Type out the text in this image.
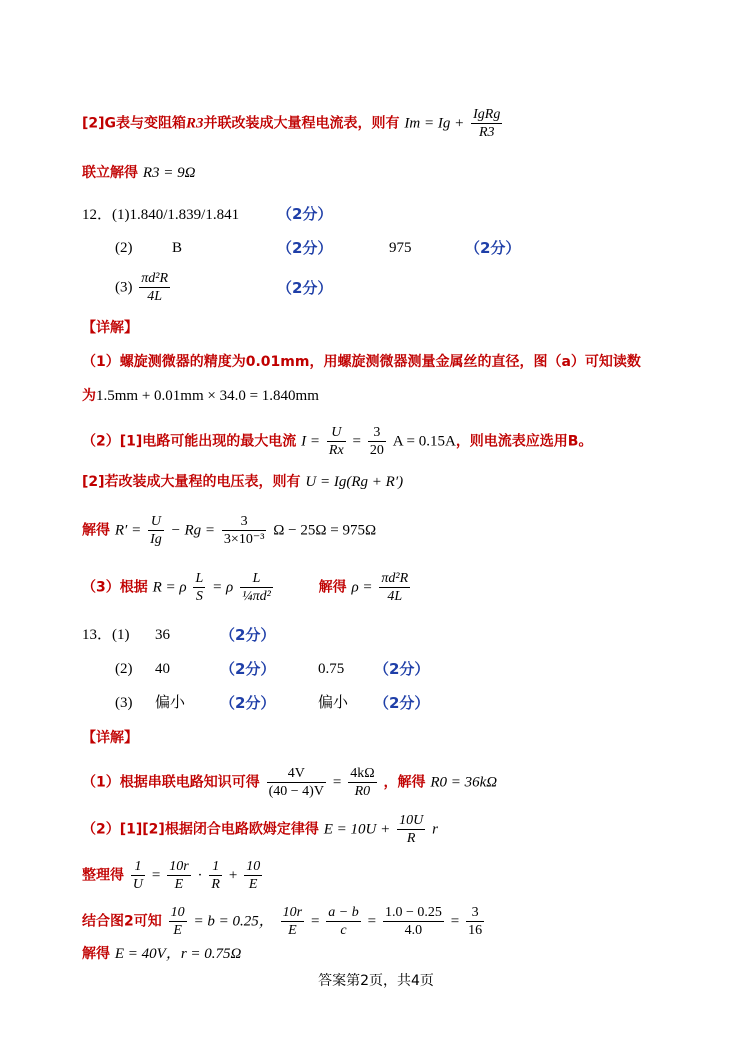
[2]G表与变阻箱R3并联改装成大量程电流表，则有 $Im = Ig + \frac{\text{IgRg}}{R3}$
联立解得 R3 = 9Ω
12．(1)1.840/1.839/1.841	（2分）
(2)	B	（2分）	975	（2分）
$(3) \frac{\text{πd²R}}{4L}$	（2分）
【详解】
（1）螺旋测微器的精度为0.01mm，用螺旋测微器测量金属丝的直径，图（a）可知读数
为1.5mm + 0.01mm × 34.0 = 1.840mm
（2）[1]电路可能出现的最大电流 $I = \frac{U}{Rx} = \frac{3}{20}$ A = 0.15A，则电流表应选用B。
[2]若改装成大量程的电压表，则有 U = Ig(Rg + R′)
解得 $R' = \frac{U}{Ig} - Rg = \frac{3}{\text{3×10⁻³}}$ Ω − 25Ω = 975Ω
（3）根据 R = ρ $\frac{L}{S} = \rho \frac{L}{\text{¼πd²}}$	解得 $\rho = \frac{\text{πd²R}}{4L}$
13．(1) 36	（2分）
(2) 40	（2分）	0.75 （2分）
(3) 偏小 （2分）	偏小 （2分）
【详解】
（1）根据串联电路知识可得 $\frac{4V}{(40 - 4)V} = \frac{4k\Omega}{R0}$ ，解得 R0 = 36kΩ
（2）[1][2]根据闭合电路欧姆定律得 $E = 10U + \frac{10U}{R}$ r
整理得 $\frac{1}{U} = \frac{10r}{E} \cdot \frac{1}{R} + \frac{10}{E}$
结合图2可知 $\frac{10}{E} = b = 0.25$， $\frac{10r}{E} = \frac{a - b}{c} = \frac{1.0 - 0.25}{4.0} = \frac{3}{16}$
解得 E = 40V，r = 0.75Ω
答案第2页，共4页
